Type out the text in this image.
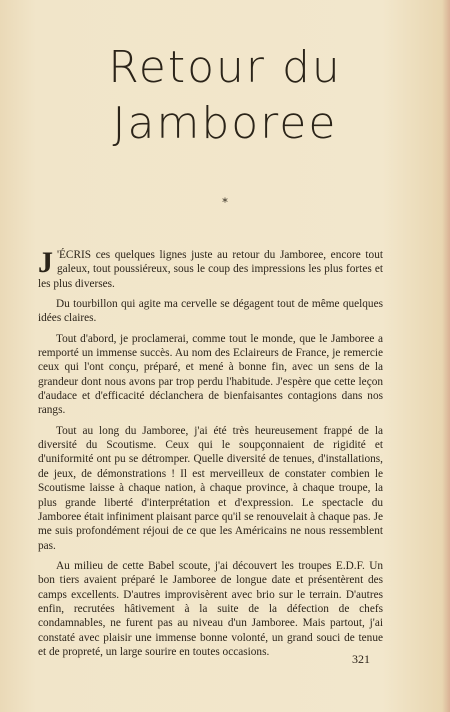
Retour du
Jamboree
*

J 'ÉCRIS ces quelques lignes juste au retour du Jamboree, encore tout galeux, tout poussiéreux, sous le coup des impressions les plus fortes et les plus diverses.

Du tourbillon qui agite ma cervelle se dégagent tout de même quelques idées claires.

Tout d'abord, je proclamerai, comme tout le monde, que le Jamboree a remporté un immense succès. Au nom des Eclaireurs de France, je remercie ceux qui l'ont conçu, préparé, et mené à bonne fin, avec un sens de la grandeur dont nous avons par trop perdu l'habitude. J'espère que cette leçon d'audace et d'efficacité déclanchera de bienfaisantes contagions dans nos rangs.

Tout au long du Jamboree, j'ai été très heureusement frappé de la diversité du Scoutisme. Ceux qui le soupçonnaient de rigidité et d'uniformité ont pu se détromper. Quelle diversité de tenues, d'installations, de jeux, de démonstrations ! Il est merveilleux de constater combien le Scoutisme laisse à chaque nation, à chaque province, à chaque troupe, la plus grande liberté d'interprétation et d'expression. Le spectacle du Jamboree était infiniment plaisant parce qu'il se renouvelait à chaque pas. Je me suis profondément réjoui de ce que les Américains ne nous ressemblent pas.

Au milieu de cette Babel scoute, j'ai découvert les troupes E.D.F. Un bon tiers avaient préparé le Jamboree de longue date et présentèrent des camps excellents. D'autres improvisèrent avec brio sur le terrain. D'autres enfin, recrutées hâtivement à la suite de la défection de chefs condamnables, ne furent pas au niveau d'un Jamboree. Mais partout, j'ai constaté avec plaisir une immense bonne volonté, un grand souci de tenue et de propreté, un large sourire en toutes occasions.

321
